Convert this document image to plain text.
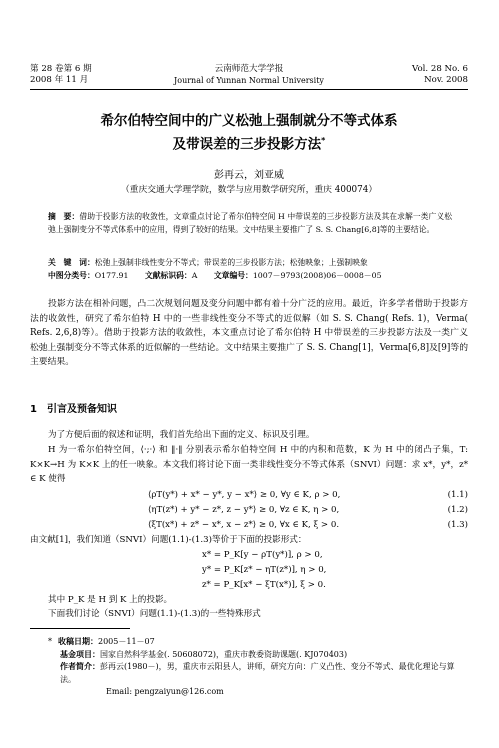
第 28 卷第 6 期
2008 年 11 月
云南师范大学学报
Journal of Yunnan Normal University
Vol. 28 No. 6
Nov. 2008
希尔伯特空间中的广义松弛上强制就分不等式体系
及带误差的三步投影方法*
彭再云，刘亚威
（重庆交通大学理学院，数学与应用数学研究所，重庆 400074）
摘　要：借助于投影方法的收敛性，文章重点讨论了希尔伯特空间 H 中带误差的三步投影方法及其在求解一类广义松弛上强制变分不等式体系中的应用，得到了较好的结果。文中结果主要推广了 S. S. Chang[6,8]等的主要结论。
关　键　词：松弛上强制非线性变分不等式；带误差的三步投影方法；松弛映象；上强制映象
中图分类号：O177.91 文献标识码：A 文章编号：1007－9793(2008)06－0008－05
投影方法在相补问题，凸二次规划问题及变分问题中都有着十分广泛的应用。最近，许多学者借助于投影方法的收敛性，研究了希尔伯特 H 中的一些非线性变分不等式的近似解（如 S. S. Chang( Refs. 1)，Verma( Refs. 2,6,8)等）。借助于投影方法的收敛性，本文重点讨论了希尔伯特 H 中带误差的三步投影方法及一类广义松弛上强制变分不等式体系的近似解的一些结论。文中结果主要推广了 S. S. Chang[1]，Verma[6,8]及[9]等的主要结果。
1　引言及预备知识
为了方便后面的叙述和证明，我们首先给出下面的定义、标识及引理。
H 为一希尔伯特空间，⟨·;·⟩ 和 ‖·‖ 分别表示希尔伯特空间 H 中的内积和范数，K 为 H 中的闭凸子集，T: K×K→H 为 K×K 上的任一映象。本文我们将讨论下面一类非线性变分不等式体系（SNVI）问题：求 x*，y*，z* ∈ K 使得
⟨ρT(y*) + x* − y*, y − x*⟩ ≥ 0, ∀y ∈ K, ρ > 0,	(1.1)
⟨ηT(z*) + y* − z*, z − y*⟩ ≥ 0, ∀z ∈ K, η > 0,	(1.2)
⟨ξT(x*) + z* − x*, x − z*⟩ ≥ 0, ∀x ∈ K, ξ > 0.	(1.3)
由文献[1]，我们知道（SNVI）问题(1.1)-(1.3)等价于下面的投影形式：
x* = P_K[y − ρT(y*)], ρ > 0,
y* = P_K[z* − ηT(z*)], η > 0,
z* = P_K[x* − ξT(x*)], ξ > 0.
其中 P_K 是 H 到 K 上的投影。
下面我们讨论（SNVI）问题(1.1)-(1.3)的一些特殊形式
* 收稿日期：2005－11－07
基金项目：国家自然科学基金(. 50608072)，重庆市教委资助课题(. KJ070403)
作者简介：彭再云(1980－)，男，重庆市云阳县人，讲师，研究方向：广义凸性、变分不等式、最优化理论与算法。
Email: pengzaiyun@126.com
